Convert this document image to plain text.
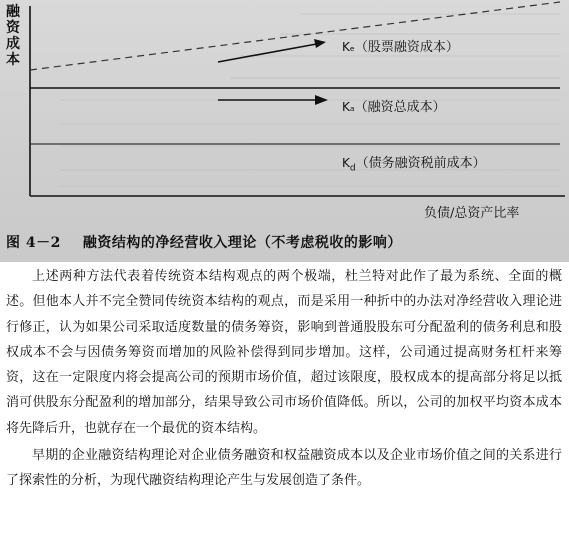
融资成本
Kₑ（股票融资成本）
Kₐ（融资总成本）
$K_d$（债务融资税前成本）
负债/总资产比率
图 4－2 融资结构的净经营收入理论（不考虑税收的影响）

上述两种方法代表着传统资本结构观点的两个极端，杜兰特对此作了最为系统、全面的概述。但他本人并不完全赞同传统资本结构的观点，而是采用一种折中的办法对净经营收入理论进行修正，认为如果公司采取适度数量的债务筹资，影响到普通股股东可分配盈利的债务利息和股权成本不会与因债务筹资而增加的风险补偿得到同步增加。这样，公司通过提高财务杠杆来筹资，这在一定限度内将会提高公司的预期市场价值，超过该限度，股权成本的提高部分将足以抵消可供股东分配盈利的增加部分，结果导致公司市场价值降低。所以，公司的加权平均资本成本将先降后升，也就存在一个最优的资本结构。

早期的企业融资结构理论对企业债务融资和权益融资成本以及企业市场价值之间的关系进行了探索性的分析，为现代融资结构理论产生与发展创造了条件。
